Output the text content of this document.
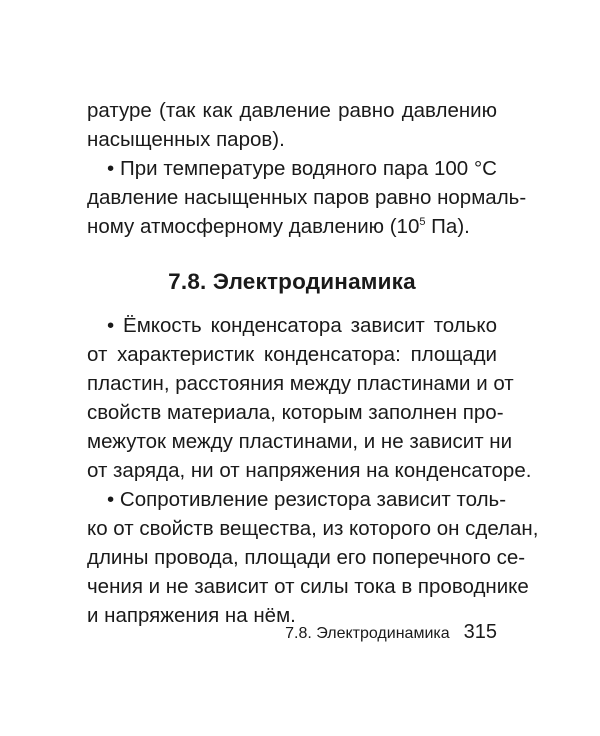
ратуре (так как давление равно давлению
насыщенных паров).
• При температуре водяного пара 100 °С
давление насыщенных паров равно нормаль-
ному атмосферному давлению ($10^5$ Па).
7.8. Электродинамика
• Ёмкость конденсатора зависит только
от характеристик конденсатора: площади
пластин, расстояния между пластинами и от
свойств материала, которым заполнен про-
межуток между пластинами, и не зависит ни
от заряда, ни от напряжения на конденсаторе.
• Сопротивление резистора зависит толь-
ко от свойств вещества, из которого он сделан,
длины провода, площади его поперечного се-
чения и не зависит от силы тока в проводнике
и напряжения на нём.
7.8. Электродинамика 315
